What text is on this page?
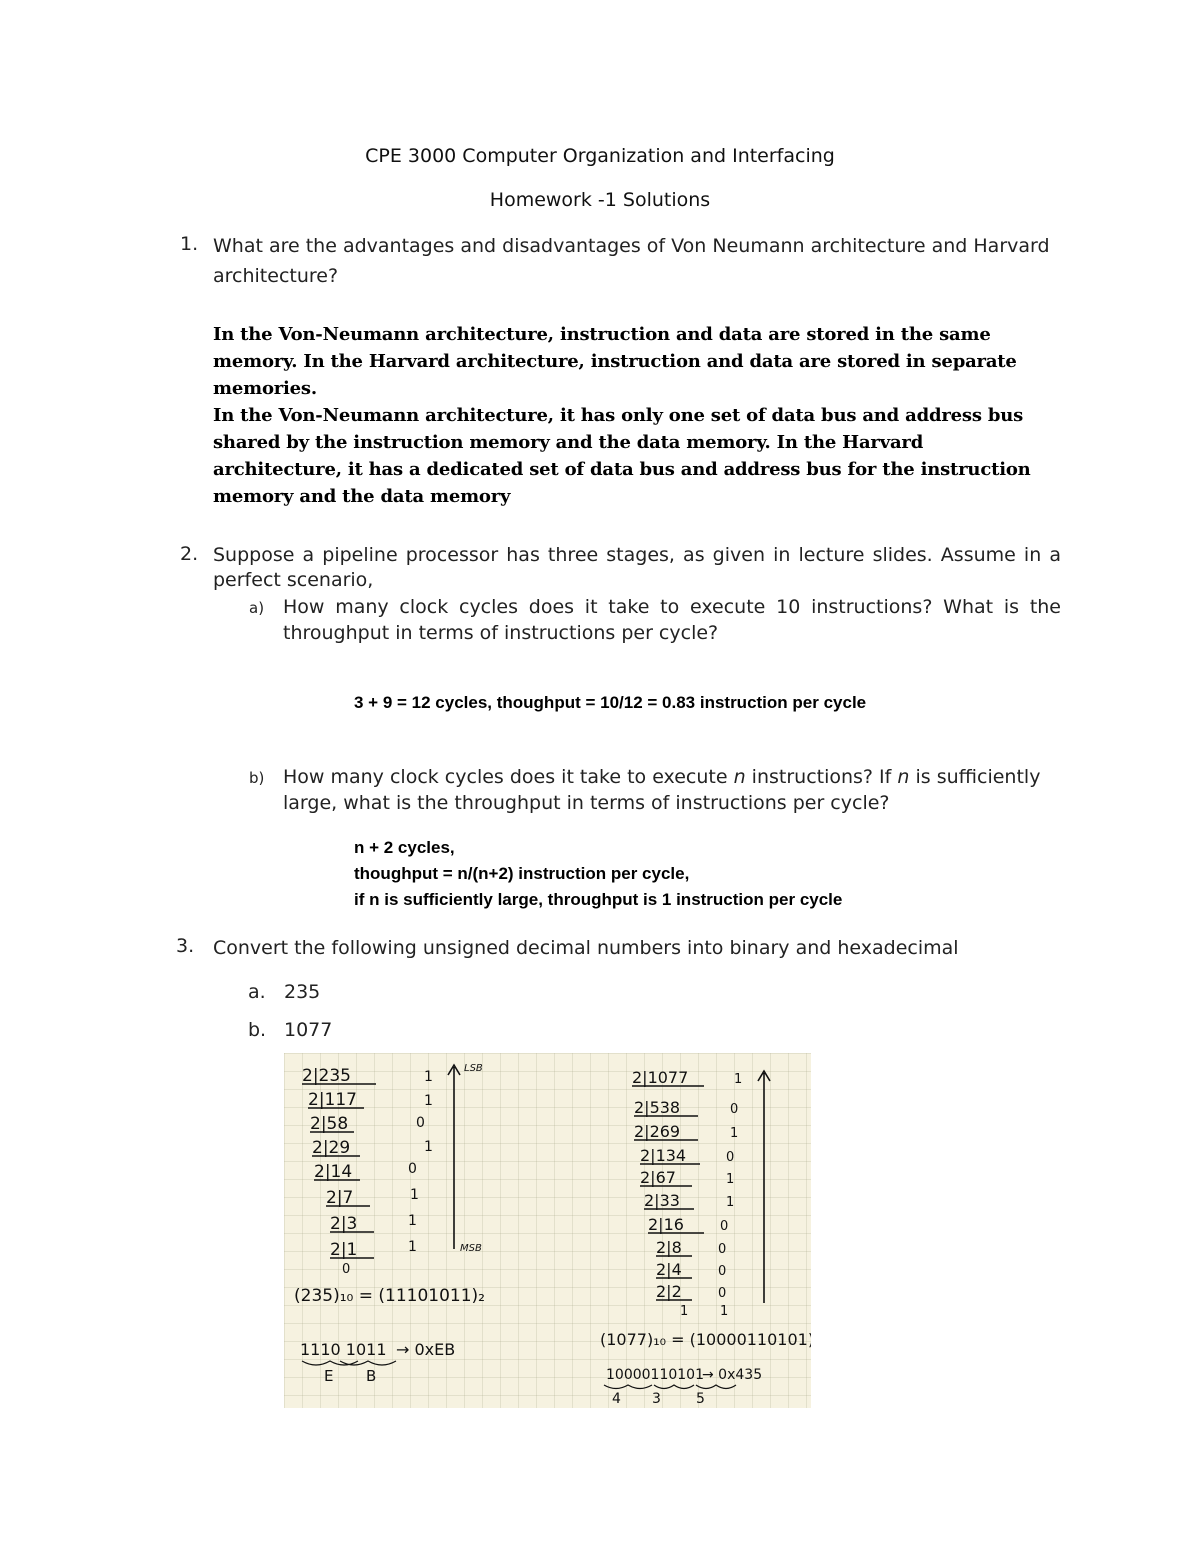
CPE 3000 Computer Organization and Interfacing
Homework -1 Solutions
1. What are the advantages and disadvantages of Von Neumann architecture and Harvard
architecture?
In the Von-Neumann architecture, instruction and data are stored in the same
memory. In the Harvard architecture, instruction and data are stored in separate
memories.
In the Von-Neumann architecture, it has only one set of data bus and address bus
shared by the instruction memory and the data memory. In the Harvard
architecture, it has a dedicated set of data bus and address bus for the instruction
memory and the data memory
2. Suppose a pipeline processor has three stages, as given in lecture slides. Assume in a
perfect scenario,
a) How many clock cycles does it take to execute 10 instructions? What is the
throughput in terms of instructions per cycle?
3 + 9 = 12 cycles, thoughput = 10/12 = 0.83 instruction per cycle
b) How many clock cycles does it take to execute n instructions? If n is sufficiently
large, what is the throughput in terms of instructions per cycle?
n + 2 cycles,
thoughput = n/(n+2) instruction per cycle,
if n is sufficiently large, throughput is 1 instruction per cycle
3. Convert the following unsigned decimal numbers into binary and hexadecimal
a. 235
b. 1077
2|235
2|117
2|58
2|29
2|14
2|7
2|3
2|1
0
1
1
0
1
0
1
1
1
LSB
MSB
(235)₁₀ = (11101011)₂
1110 1011 → 0xEB
E B
2|1077
2|538
2|269
2|134
2|67
2|33
2|16
2|8
2|4
2|2
1
1
0
1
0
1
1
0
0
0
0
1
(1077)₁₀ = (10000110101)₂
10000110101
→ 0x435
4 3	5
